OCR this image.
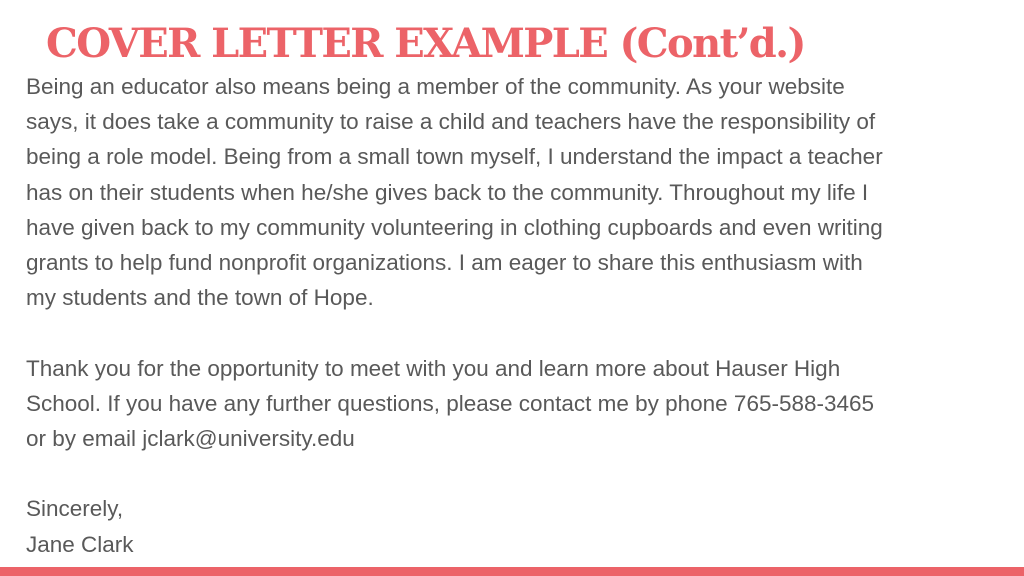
COVER LETTER EXAMPLE (Cont’d.)

Being an educator also means being a member of the community. As your website

says, it does take a community to raise a child and teachers have the responsibility of

being a role model. Being from a small town myself, I understand the impact a teacher

has on their students when he/she gives back to the community. Throughout my life I

have given back to my community volunteering in clothing cupboards and even writing

grants to help fund nonprofit organizations. I am eager to share this enthusiasm with

my students and the town of Hope.

Thank you for the opportunity to meet with you and learn more about Hauser High

School. If you have any further questions, please contact me by phone 765-588-3465

or by email jclark@university.edu

Sincerely,

Jane Clark
